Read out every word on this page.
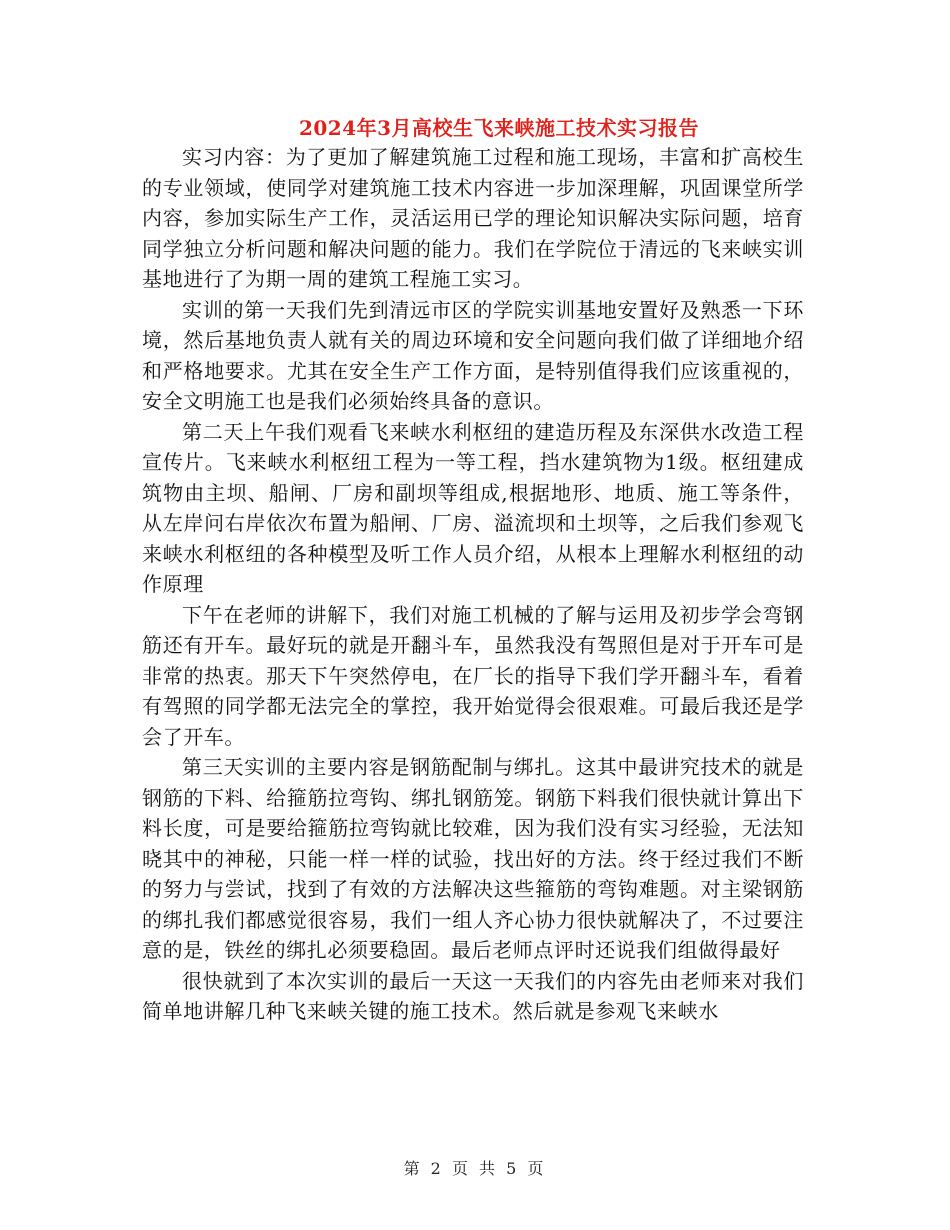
2024年3月高校生飞来峡施工技术实习报告

实习内容：为了更加了解建筑施工过程和施工现场，丰富和扩高校生的专业领域，使同学对建筑施工技术内容进一步加深理解，巩固课堂所学内容，参加实际生产工作，灵活运用已学的理论知识解决实际问题，培育同学独立分析问题和解决问题的能力。我们在学院位于清远的飞来峡实训基地进行了为期一周的建筑工程施工实习。

实训的第一天我们先到清远市区的学院实训基地安置好及熟悉一下环境，然后基地负责人就有关的周边环境和安全问题向我们做了详细地介绍和严格地要求。尤其在安全生产工作方面，是特别值得我们应该重视的，安全文明施工也是我们必须始终具备的意识。

第二天上午我们观看飞来峡水利枢纽的建造历程及东深供水改造工程宣传片。飞来峡水利枢纽工程为一等工程，挡水建筑物为1级。枢纽建成筑物由主坝、船闸、厂房和副坝等组成,根据地形、地质、施工等条件，从左岸问右岸依次布置为船闸、厂房、溢流坝和土坝等，之后我们参观飞来峡水利枢纽的各种模型及听工作人员介绍，从根本上理解水利枢纽的动作原理

下午在老师的讲解下，我们对施工机械的了解与运用及初步学会弯钢筋还有开车。最好玩的就是开翻斗车，虽然我没有驾照但是对于开车可是非常的热衷。那天下午突然停电，在厂长的指导下我们学开翻斗车，看着有驾照的同学都无法完全的掌控，我开始觉得会很艰难。可最后我还是学会了开车。

第三天实训的主要内容是钢筋配制与绑扎。这其中最讲究技术的就是钢筋的下料、给箍筋拉弯钩、绑扎钢筋笼。钢筋下料我们很快就计算出下料长度，可是要给箍筋拉弯钩就比较难，因为我们没有实习经验，无法知晓其中的神秘，只能一样一样的试验，找出好的方法。终于经过我们不断的努力与尝试，找到了有效的方法解决这些箍筋的弯钩难题。对主梁钢筋的绑扎我们都感觉很容易，我们一组人齐心协力很快就解决了，不过要注意的是，铁丝的绑扎必须要稳固。最后老师点评时还说我们组做得最好

很快就到了本次实训的最后一天这一天我们的内容先由老师来对我们简单地讲解几种飞来峡关键的施工技术。然后就是参观飞来峡水

第 2 页 共 5 页
